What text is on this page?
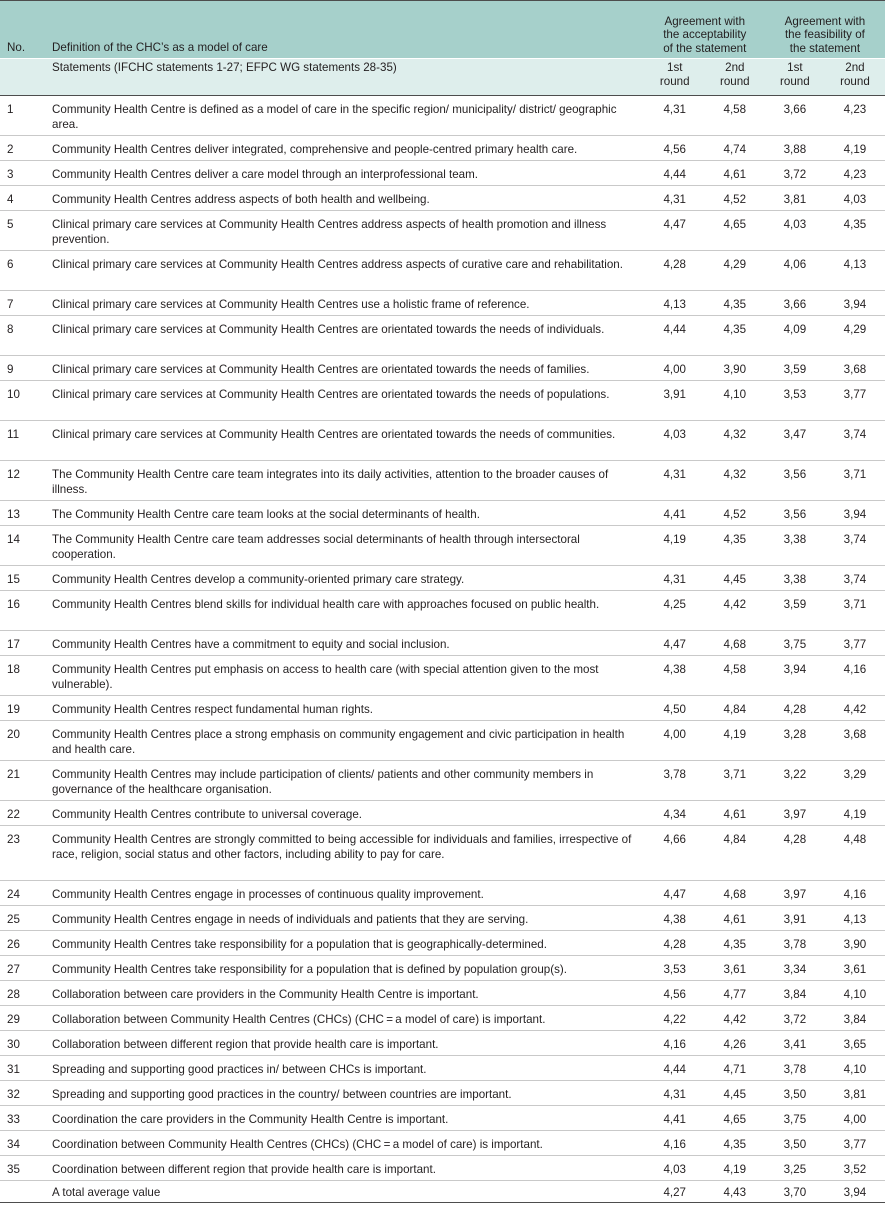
No.	Definition of the CHC’s as a model of care	Agreement with
the acceptability
of the statement		Agreement with
the feasibility of
the statement	
	Statements (IFCHC statements 1-27; EFPC WG statements 28-35)	1st
round	2nd
round	1st
round	2nd
round
1	Community Health Centre is defined as a model of care in the specific region/ municipality/ district/ geographic area.	4,31	4,58	3,66	4,23
2	Community Health Centres deliver integrated, comprehensive and people-centred primary health care.	4,56	4,74	3,88	4,19
3	Community Health Centres deliver a care model through an interprofessional team.	4,44	4,61	3,72	4,23
4	Community Health Centres address aspects of both health and wellbeing.	4,31	4,52	3,81	4,03
5	Clinical primary care services at Community Health Centres address aspects of health promotion and illness prevention.	4,47	4,65	4,03	4,35
6	Clinical primary care services at Community Health Centres address aspects of curative care and rehabilitation.	4,28	4,29	4,06	4,13
7	Clinical primary care services at Community Health Centres use a holistic frame of reference.	4,13	4,35	3,66	3,94
8	Clinical primary care services at Community Health Centres are orientated towards the needs of individuals.	4,44	4,35	4,09	4,29
9	Clinical primary care services at Community Health Centres are orientated towards the needs of families.	4,00	3,90	3,59	3,68
10	Clinical primary care services at Community Health Centres are orientated towards the needs of populations.	3,91	4,10	3,53	3,77
11	Clinical primary care services at Community Health Centres are orientated towards the needs of communities.	4,03	4,32	3,47	3,74
12	The Community Health Centre care team integrates into its daily activities, attention to the broader causes of illness.	4,31	4,32	3,56	3,71
13	The Community Health Centre care team looks at the social determinants of health.	4,41	4,52	3,56	3,94
14	The Community Health Centre care team addresses social determinants of health through intersectoral cooperation.	4,19	4,35	3,38	3,74
15	Community Health Centres develop a community-oriented primary care strategy.	4,31	4,45	3,38	3,74
16	Community Health Centres blend skills for individual health care with approaches focused on public health.	4,25	4,42	3,59	3,71
17	Community Health Centres have a commitment to equity and social inclusion.	4,47	4,68	3,75	3,77
18	Community Health Centres put emphasis on access to health care (with special attention given to the most vulnerable).	4,38	4,58	3,94	4,16
19	Community Health Centres respect fundamental human rights.	4,50	4,84	4,28	4,42
20	Community Health Centres place a strong emphasis on community engagement and civic participation in health and health care.	4,00	4,19	3,28	3,68
21	Community Health Centres may include participation of clients/ patients and other community members in governance of the healthcare organisation.	3,78	3,71	3,22	3,29
22	Community Health Centres contribute to universal coverage.	4,34	4,61	3,97	4,19
23	Community Health Centres are strongly committed to being accessible for individuals and families, irrespective of race, religion, social status and other factors, including ability to pay for care.	4,66	4,84	4,28	4,48
24	Community Health Centres engage in processes of continuous quality improvement.	4,47	4,68	3,97	4,16
25	Community Health Centres engage in needs of individuals and patients that they are serving.	4,38	4,61	3,91	4,13
26	Community Health Centres take responsibility for a population that is geographically-determined.	4,28	4,35	3,78	3,90
27	Community Health Centres take responsibility for a population that is defined by population group(s).	3,53	3,61	3,34	3,61
28	Collaboration between care providers in the Community Health Centre is important.	4,56	4,77	3,84	4,10
29	Collaboration between Community Health Centres (CHCs) (CHC = a model of care) is important.	4,22	4,42	3,72	3,84
30	Collaboration between different region that provide health care is important.	4,16	4,26	3,41	3,65
31	Spreading and supporting good practices in/ between CHCs is important.	4,44	4,71	3,78	4,10
32	Spreading and supporting good practices in the country/ between countries are important.	4,31	4,45	3,50	3,81
33	Coordination the care providers in the Community Health Centre is important.	4,41	4,65	3,75	4,00
34	Coordination between Community Health Centres (CHCs) (CHC = a model of care) is important.	4,16	4,35	3,50	3,77
35	Coordination between different region that provide health care is important.	4,03	4,19	3,25	3,52
	A total average value	4,27	4,43	3,70	3,94
